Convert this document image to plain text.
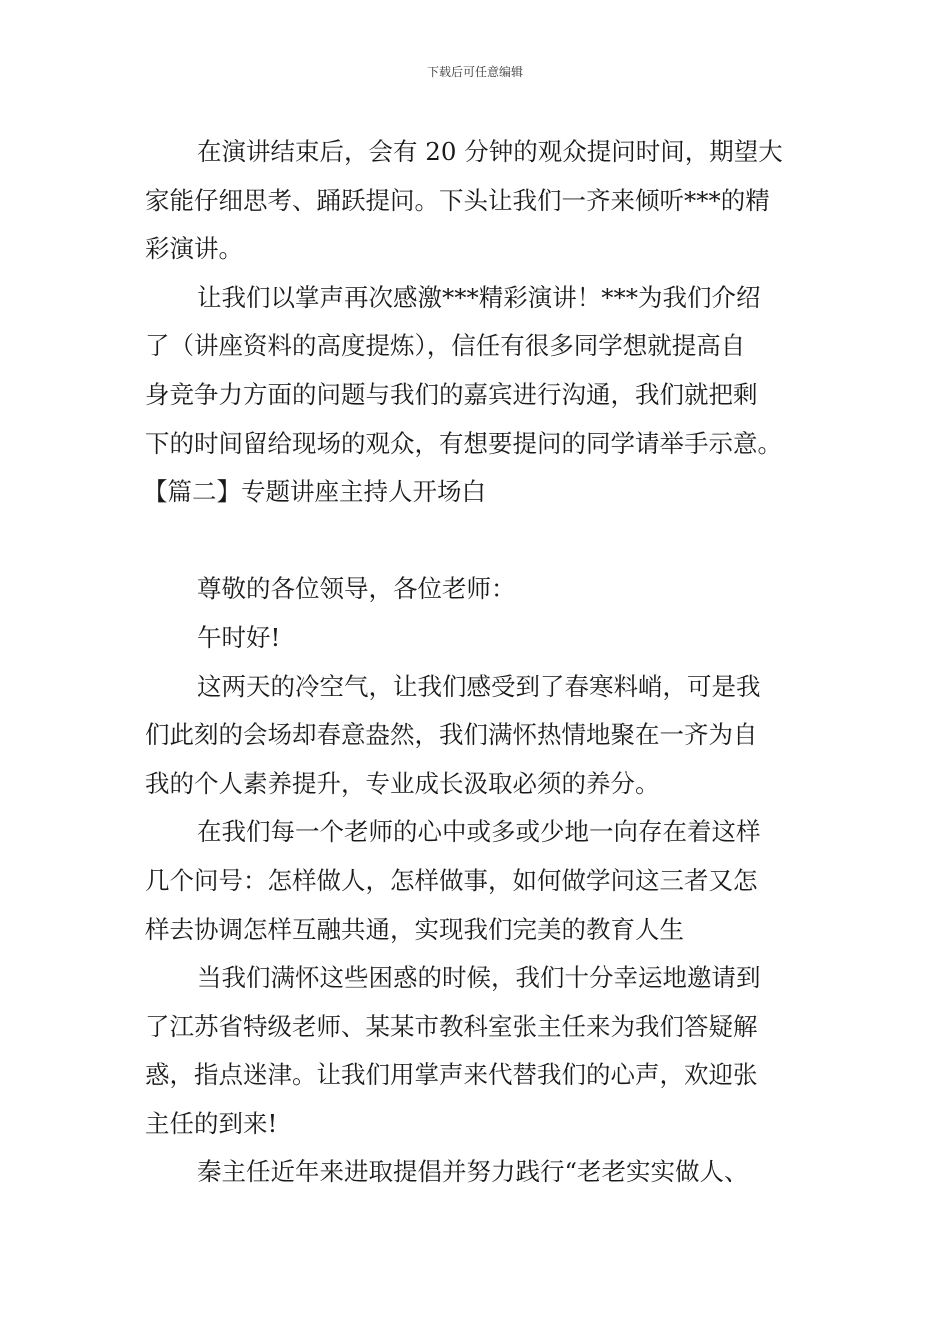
下载后可任意编辑
在演讲结束后，会有 20 分钟的观众提问时间，期望大
家能仔细思考、踊跃提问。下头让我们一齐来倾听***的精
彩演讲。
让我们以掌声再次感激***精彩演讲！***为我们介绍
了（讲座资料的高度提炼），信任有很多同学想就提高自
身竞争力方面的问题与我们的嘉宾进行沟通，我们就把剩
下的时间留给现场的观众，有想要提问的同学请举手示意。
【篇二】专题讲座主持人开场白
尊敬的各位领导，各位老师：
午时好!
这两天的冷空气，让我们感受到了春寒料峭，可是我
们此刻的会场却春意盎然，我们满怀热情地聚在一齐为自
我的个人素养提升，专业成长汲取必须的养分。
在我们每一个老师的心中或多或少地一向存在着这样
几个问号：怎样做人，怎样做事，如何做学问这三者又怎
样去协调怎样互融共通，实现我们完美的教育人生
当我们满怀这些困惑的时候，我们十分幸运地邀请到
了江苏省特级老师、某某市教科室张主任来为我们答疑解
惑，指点迷津。让我们用掌声来代替我们的心声，欢迎张
主任的到来!
秦主任近年来进取提倡并努力践行“老老实实做人、
